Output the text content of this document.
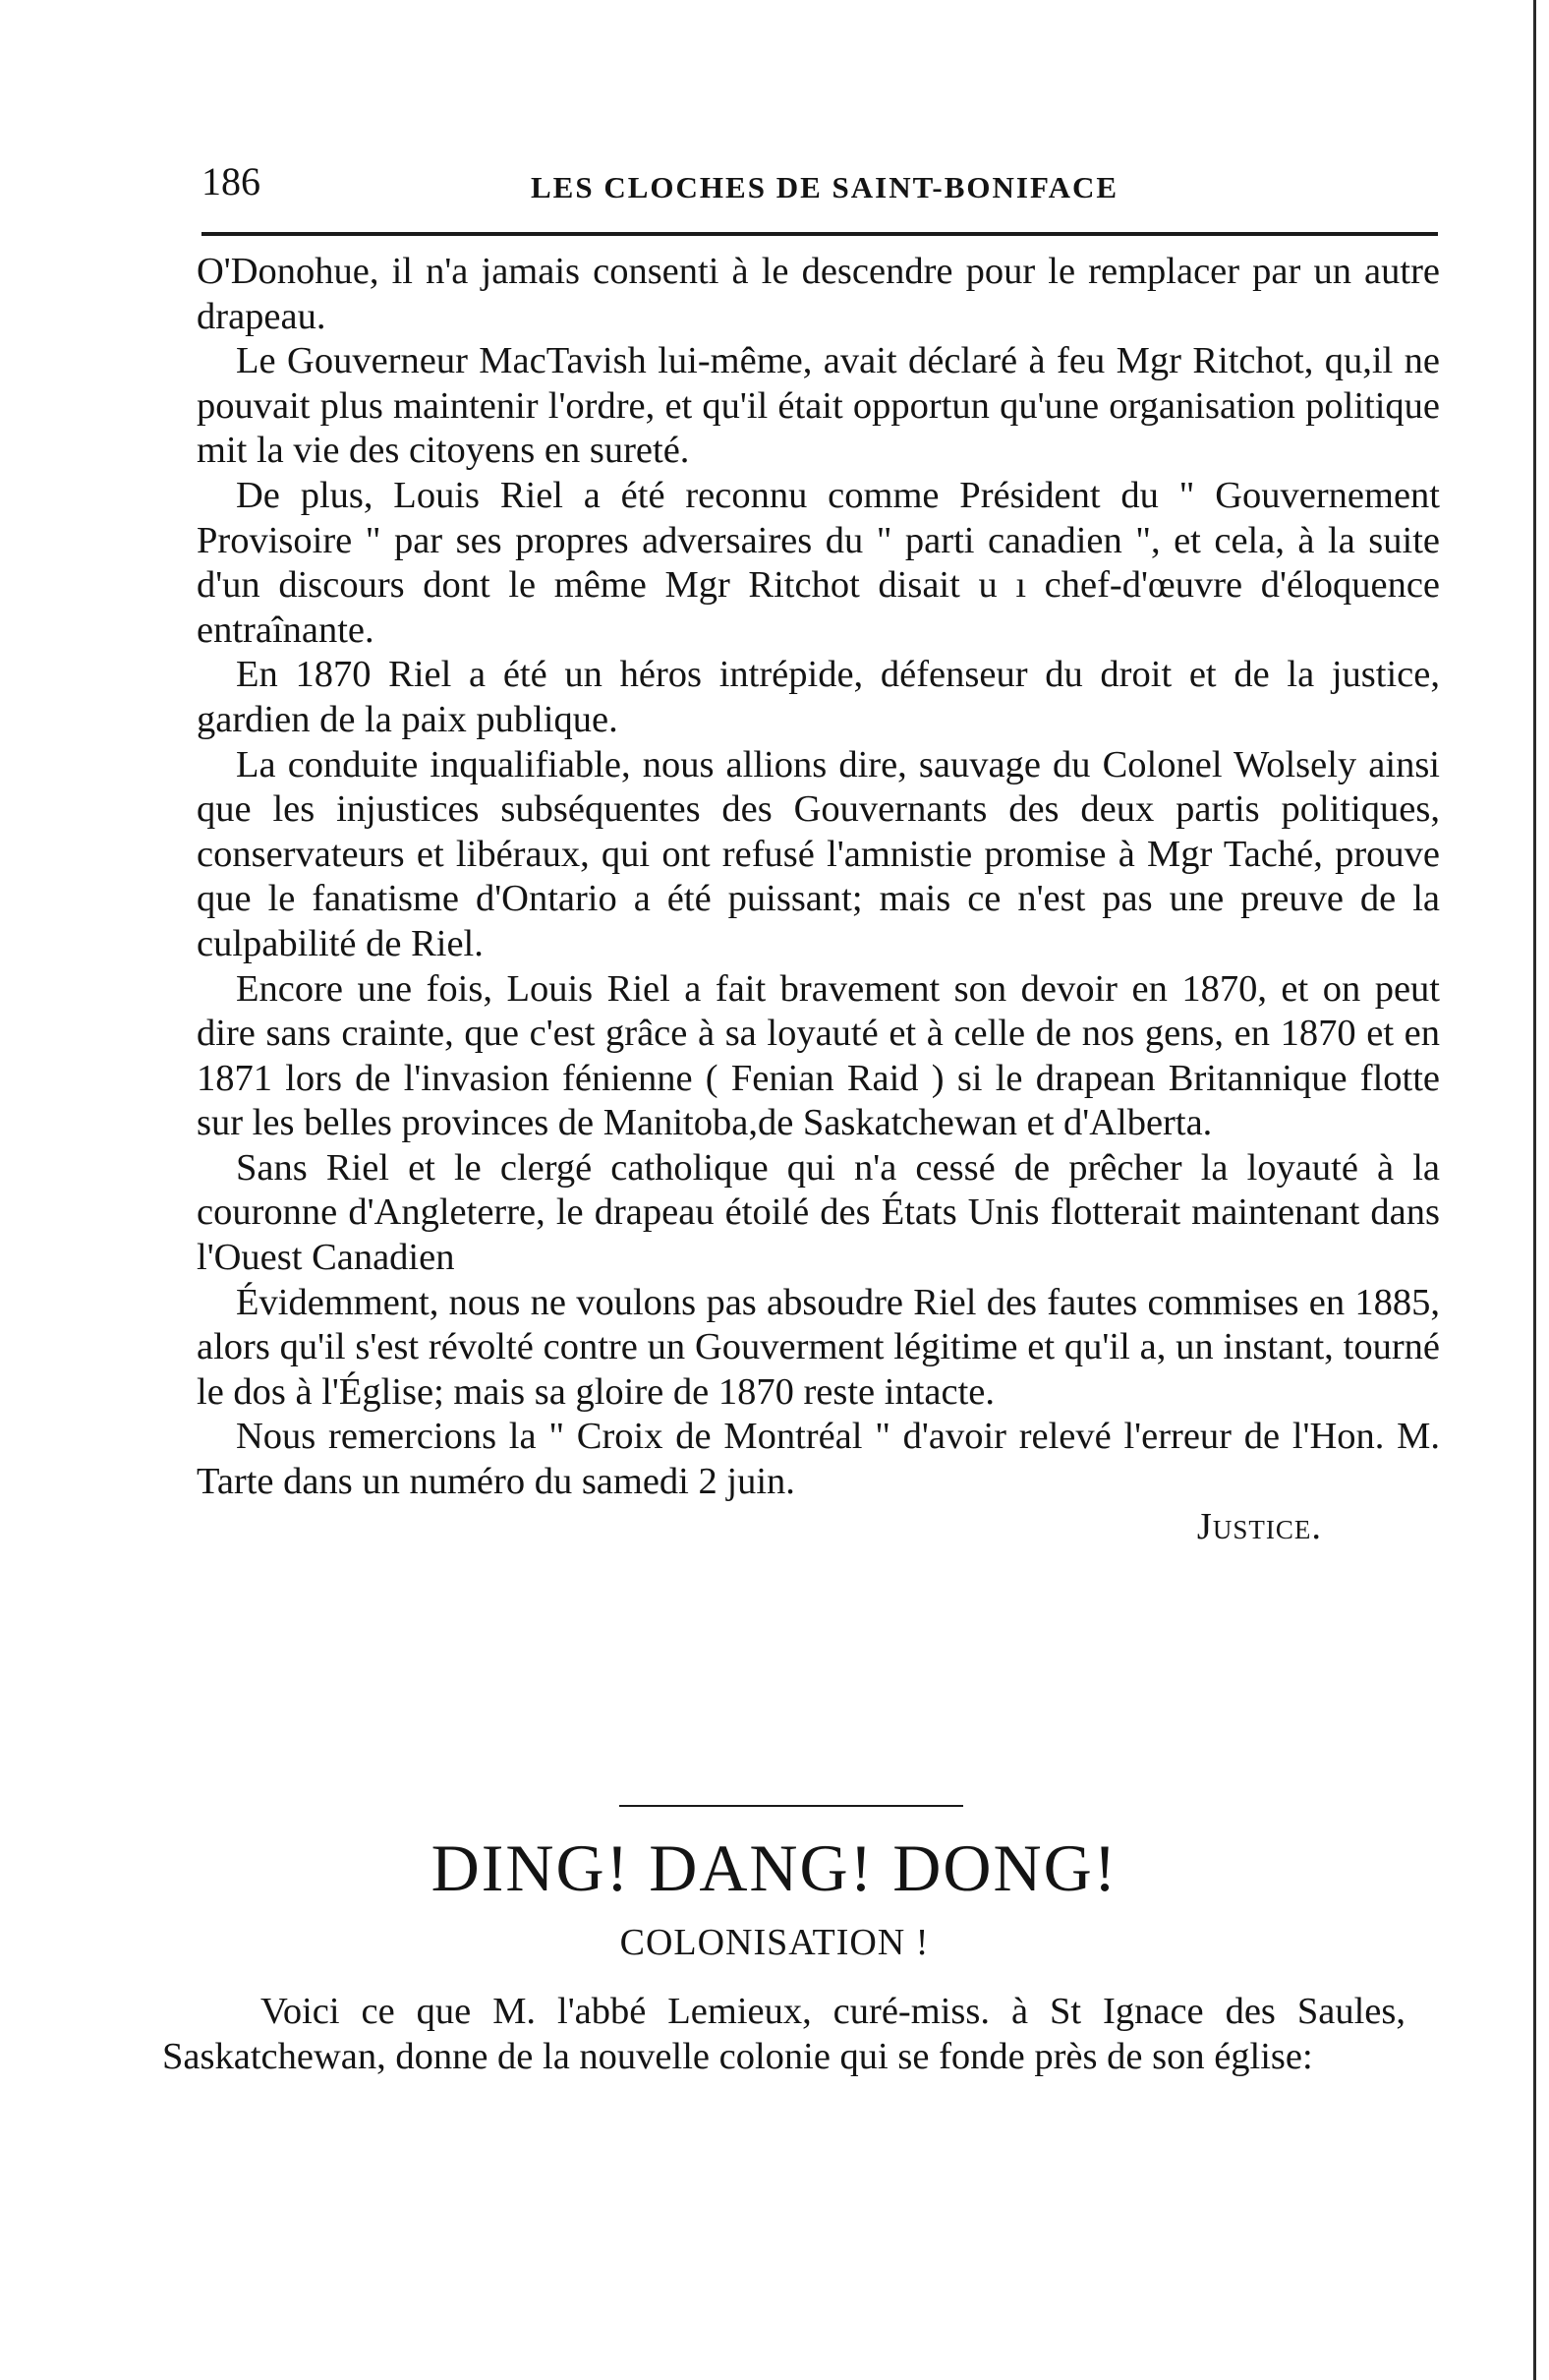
186	LES CLOCHES DE SAINT-BONIFACE

O'Donohue, il n'a jamais consenti à le descendre pour le remplacer par un autre drapeau.

Le Gouverneur MacTavish lui-même, avait déclaré à feu Mgr Ritchot, qu,il ne pouvait plus maintenir l'ordre, et qu'il était opportun qu'une organisation politique mit la vie des citoyens en sureté.

De plus, Louis Riel a été reconnu comme Président du " Gouvernement Provisoire " par ses propres adversaires du " parti canadien ", et cela, à la suite d'un discours dont le même Mgr Ritchot disait u ı chef-d'œuvre d'éloquence entraînante.

En 1870 Riel a été un héros intrépide, défenseur du droit et de la justice, gardien de la paix publique.

La conduite inqualifiable, nous allions dire, sauvage du Colonel Wolsely ainsi que les injustices subséquentes des Gouvernants des deux partis politiques, conservateurs et libéraux, qui ont refusé l'amnistie promise à Mgr Taché, prouve que le fanatisme d'Ontario a été puissant; mais ce n'est pas une preuve de la culpabilité de Riel.

Encore une fois, Louis Riel a fait bravement son devoir en 1870, et on peut dire sans crainte, que c'est grâce à sa loyauté et à celle de nos gens, en 1870 et en 1871 lors de l'invasion fénienne ( Fenian Raid ) si le drapean Britannique flotte sur les belles provinces de Manitoba,de Saskatchewan et d'Alberta.

Sans Riel et le clergé catholique qui n'a cessé de prêcher la loyauté à la couronne d'Angleterre, le drapeau étoilé des États Unis flotterait maintenant dans l'Ouest Canadien

Évidemment, nous ne voulons pas absoudre Riel des fautes commises en 1885, alors qu'il s'est révolté contre un Gouverment légitime et qu'il a, un instant, tourné le dos à l'Église; mais sa gloire de 1870 reste intacte.

Nous remercions la " Croix de Montréal " d'avoir relevé l'erreur de l'Hon. M. Tarte dans un numéro du samedi 2 juin.

Justice.

DING! DANG! DONG!
COLONISATION !

Voici ce que M. l'abbé Lemieux, curé-miss. à St Ignace des Saules, Saskatchewan, donne de la nouvelle colonie qui se fonde près de son église:
